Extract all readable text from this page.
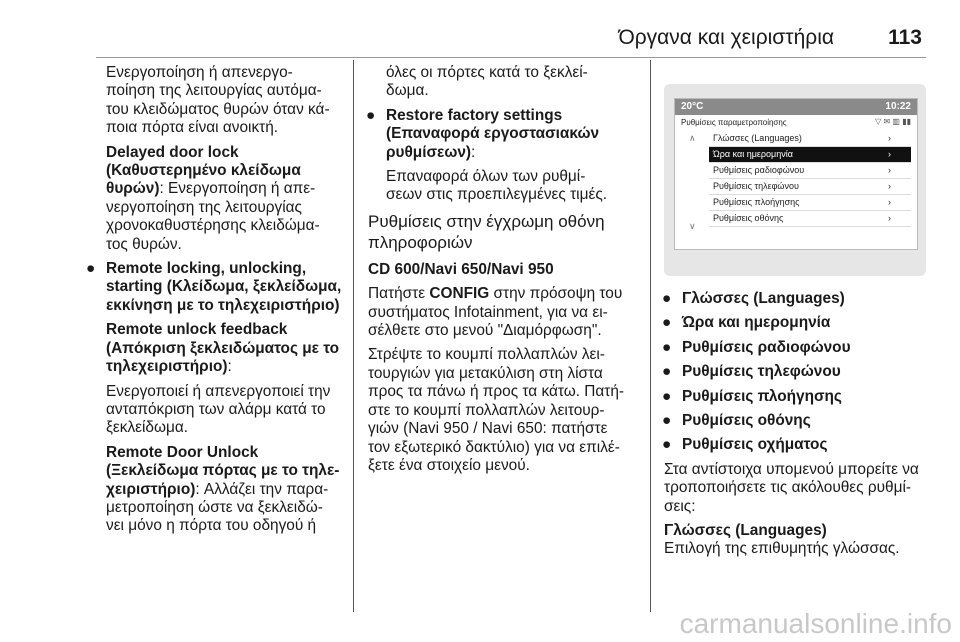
Όργανα και χειριστήρια	113

Ενεργοποίηση ή απενεργο-
ποίηση της λειτουργίας αυτόμα-
του κλειδώματος θυρών όταν κά-
ποια πόρτα είναι ανοικτή.

Delayed door lock
(Καθυστερημένο κλείδωμα
θυρών): Ενεργοποίηση ή απε-
νεργοποίηση της λειτουργίας
χρονοκαθυστέρησης κλειδώμα-
τος θυρών.

● Remote locking, unlocking,
starting (Κλείδωμα, ξεκλείδωμα,
εκκίνηση με το τηλεχειριστήριο)

Remote unlock feedback
(Απόκριση ξεκλειδώματος με το
τηλεχειριστήριο):

Ενεργοποιεί ή απενεργοποιεί την
ανταπόκριση των αλάρμ κατά το
ξεκλείδωμα.

Remote Door Unlock
(Ξεκλείδωμα πόρτας με το τηλε-
χειριστήριο): Αλλάζει την παρα-
μετροποίηση ώστε να ξεκλειδώ-
νει μόνο η πόρτα του οδηγού ή

όλες οι πόρτες κατά το ξεκλεί-
δωμα.

● Restore factory settings
(Επαναφορά εργοστασιακών
ρυθμίσεων):

Επαναφορά όλων των ρυθμί-
σεων στις προεπιλεγμένες τιμές.

Ρυθμίσεις στην έγχρωμη οθόνη
πληροφοριών

CD 600/Navi 650/Navi 950

Πατήστε CONFIG στην πρόσοψη του
συστήματος Infotainment, για να ει-
σέλθετε στο μενού "Διαμόρφωση".

Στρέψτε το κουμπί πολλαπλών λει-
τουργιών για μετακύλιση στη λίστα
προς τα πάνω ή προς τα κάτω. Πατή-
στε το κουμπί πολλαπλών λειτουρ-
γιών (Navi 950 / Navi 650: πατήστε
τον εξωτερικό δακτύλιο) για να επιλέ-
ξετε ένα στοιχείο μενού.

20°C	10:22
Ρυθμίσεις παραμετροποίησης	▽ ✉ ▥ ▮▮
∧
∨
Γλώσσες (Languages)	›
Ώρα και ημερομηνία	›
Ρυθμίσεις ραδιοφώνου	›
Ρυθμίσεις τηλεφώνου	›
Ρυθμίσεις πλοήγησης	›
Ρυθμίσεις οθόνης	›
● Γλώσσες (Languages)
● Ώρα και ημερομηνία
● Ρυθμίσεις ραδιοφώνου
● Ρυθμίσεις τηλεφώνου
● Ρυθμίσεις πλοήγησης
● Ρυθμίσεις οθόνης
● Ρυθμίσεις οχήματος

Στα αντίστοιχα υπομενού μπορείτε να
τροποποιήσετε τις ακόλουθες ρυθμί-
σεις:

Γλώσσες (Languages)

Επιλογή της επιθυμητής γλώσσας.

carmanualsonline.info
